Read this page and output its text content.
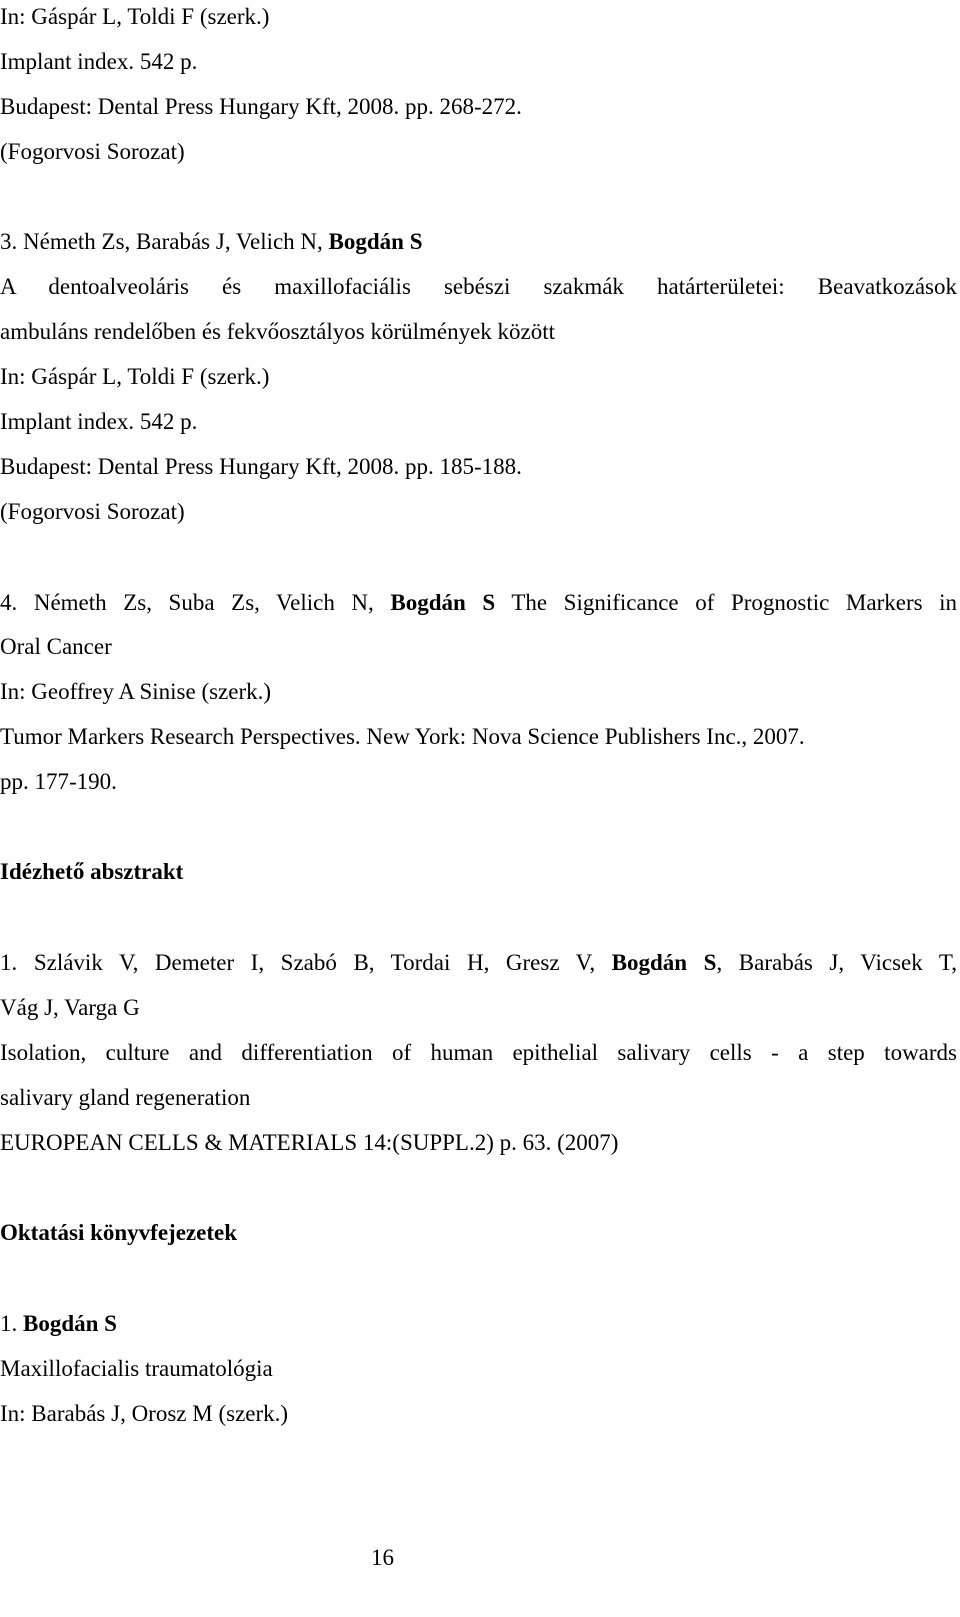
In: Gáspár L, Toldi F (szerk.)
Implant index. 542 p.
Budapest: Dental Press Hungary Kft, 2008. pp. 268-272.
(Fogorvosi Sorozat)
3. Németh Zs, Barabás J, Velich N, Bogdán S
A dentoalveoláris és maxillofaciális sebészi szakmák határterületei: Beavatkozások
ambuláns rendelőben és fekvőosztályos körülmények között
In: Gáspár L, Toldi F (szerk.)
Implant index. 542 p.
Budapest: Dental Press Hungary Kft, 2008. pp. 185-188.
(Fogorvosi Sorozat)
4. Németh Zs, Suba Zs, Velich N, Bogdán S The Significance of Prognostic Markers in
Oral Cancer
In: Geoffrey A Sinise (szerk.)
Tumor Markers Research Perspectives. New York: Nova Science Publishers Inc., 2007.
pp. 177-190.
Idézhető absztrakt
1. Szlávik V, Demeter I, Szabó B, Tordai H, Gresz V, Bogdán S, Barabás J, Vicsek T,
Vág J, Varga G
Isolation, culture and differentiation of human epithelial salivary cells - a step towards
salivary gland regeneration
EUROPEAN CELLS & MATERIALS 14:(SUPPL.2) p. 63. (2007)
Oktatási könyvfejezetek
1. Bogdán S
Maxillofacialis traumatológia
In: Barabás J, Orosz M (szerk.)
16
